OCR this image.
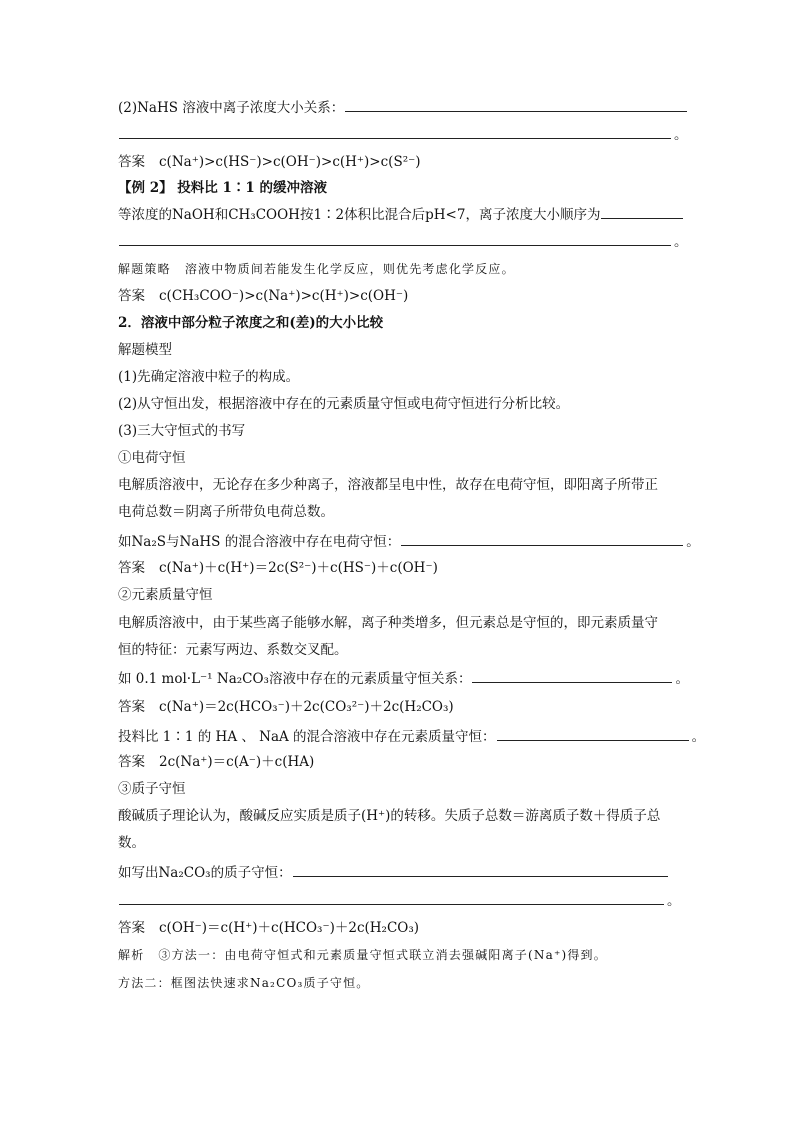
(2)NaHS 溶液中离子浓度大小关系：
。
答案 c(Na⁺)>c(HS⁻)>c(OH⁻)>c(H⁺)>c(S²⁻)
【例 2】 投料比 1∶1 的缓冲溶液
等浓度的NaOH和CH₃COOH按1∶2体积比混合后pH<7，离子浓度大小顺序为
。
解题策略 溶液中物质间若能发生化学反应，则优先考虑化学反应。
答案 c(CH₃COO⁻)>c(Na⁺)>c(H⁺)>c(OH⁻)
2．溶液中部分粒子浓度之和(差)的大小比较
解题模型
(1)先确定溶液中粒子的构成。
(2)从守恒出发，根据溶液中存在的元素质量守恒或电荷守恒进行分析比较。
(3)三大守恒式的书写
①电荷守恒
电解质溶液中，无论存在多少种离子，溶液都呈电中性，故存在电荷守恒，即阳离子所带正
电荷总数＝阴离子所带负电荷总数。
如Na₂S与NaHS 的混合溶液中存在电荷守恒：	。
答案 c(Na⁺)＋c(H⁺)＝2c(S²⁻)＋c(HS⁻)＋c(OH⁻)
②元素质量守恒
电解质溶液中，由于某些离子能够水解，离子种类增多，但元素总是守恒的，即元素质量守
恒的特征：元素写两边、系数交叉配。
如 0.1 mol·L⁻¹ Na₂CO₃溶液中存在的元素质量守恒关系：	。
答案 c(Na⁺)＝2c(HCO₃⁻)＋2c(CO₃²⁻)＋2c(H₂CO₃)
投料比 1∶1 的 HA 、 NaA 的混合溶液中存在元素质量守恒：	。
答案 2c(Na⁺)＝c(A⁻)＋c(HA)
③质子守恒
酸碱质子理论认为，酸碱反应实质是质子(H⁺)的转移。失质子总数＝游离质子数＋得质子总
数。
如写出Na₂CO₃的质子守恒：
。
答案 c(OH⁻)＝c(H⁺)＋c(HCO₃⁻)＋2c(H₂CO₃)
解析 ③方法一：由电荷守恒式和元素质量守恒式联立消去强碱阳离子(Na⁺)得到。
方法二：框图法快速求Na₂CO₃质子守恒。
